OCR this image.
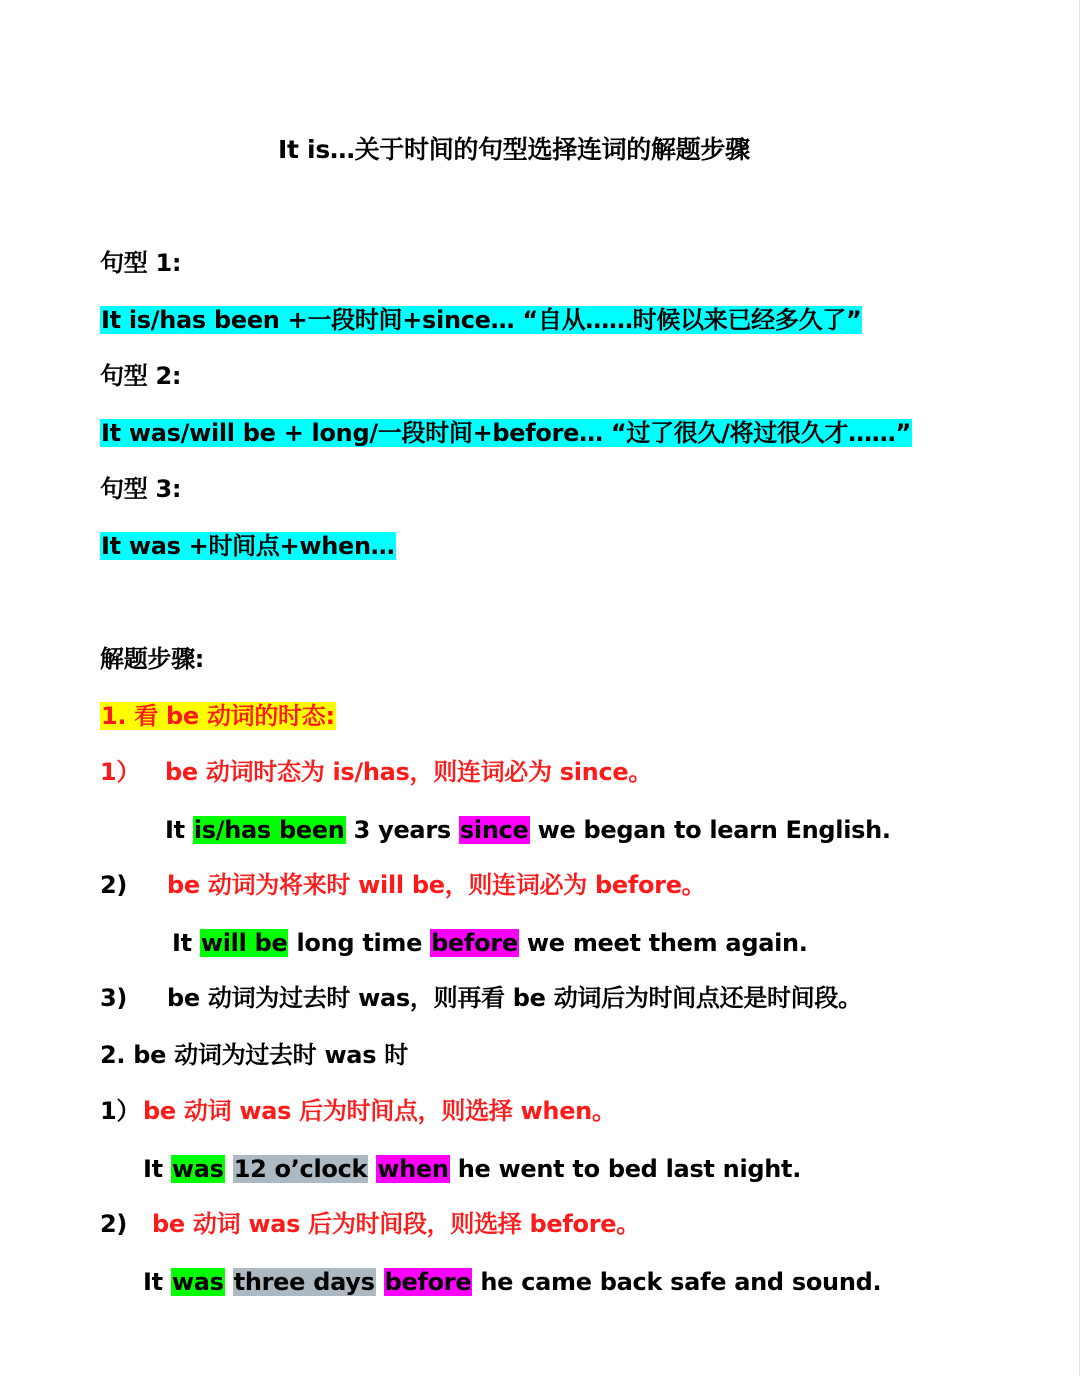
It is…关于时间的句型选择连词的解题步骤
句型 1:
It is/has been +一段时间+since… “自从……时候以来已经多久了”
句型 2:
It was/will be + long/一段时间+before… “过了很久/将过很久才……”
句型 3:
It was +时间点+when…
解题步骤:
1. 看 be 动词的时态:
1） be 动词时态为 is/has，则连词必为 since。
It is/has been 3 years since we began to learn English.
2) be 动词为将来时 will be，则连词必为 before。
It will be long time before we meet them again.
3) be 动词为过去时 was，则再看 be 动词后为时间点还是时间段。
2. be 动词为过去时 was 时
1） be 动词 was 后为时间点，则选择 when。
It was 12 o’clock when he went to bed last night.
2) be 动词 was 后为时间段，则选择 before。
It was three days before he came back safe and sound.
